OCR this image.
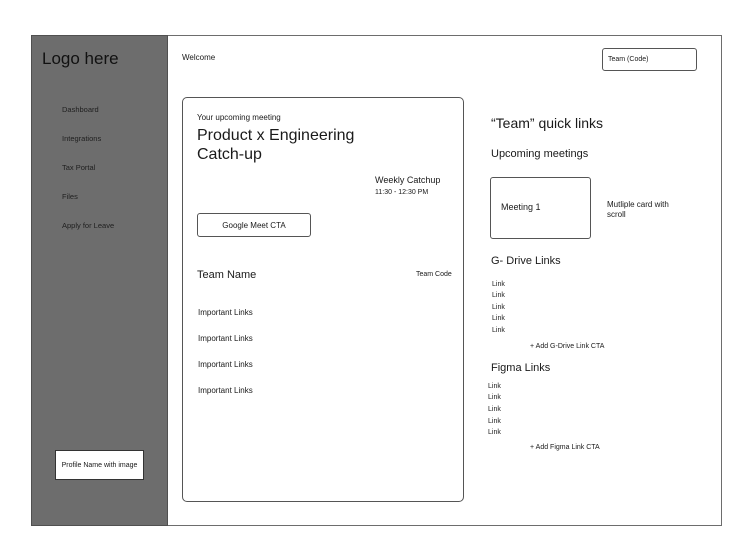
Logo here
Dashboard
Integrations
Tax Portal
Files
Apply for Leave
Profile Name with image
Welcome	Team (Code)
Your upcoming meeting
Product x Engineering
Catch-up
Weekly Catchup
11:30 - 12:30 PM
Google Meet CTA
Team Name	Team Code
Important Links
Important Links
Important Links
Important Links
“Team” quick links
Upcoming meetings
Meeting 1	Mutliple card with scroll
G- Drive Links
Link
Link
Link
Link
Link
+ Add G-Drive Link CTA
Figma Links
Link
Link
Link
Link
Link
+ Add Figma Link CTA
